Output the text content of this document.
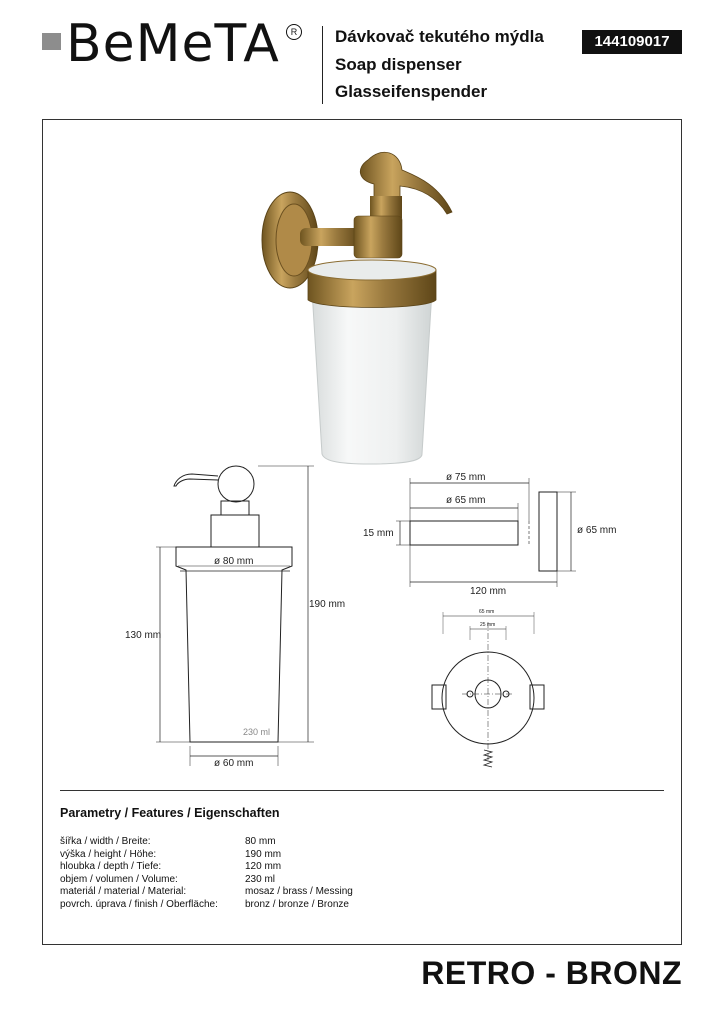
BeMeTA	R Dávkovač tekutého mýdla
Soap dispenser
Glasseifenspender
144109017
ø 80 mm
230 ml
ø 60 mm
130 mm
190 mm
ø 75 mm
ø 65 mm
15 mm	ø 65 mm
120 mm
65 mm
25 mm
Parametry / Features / Eigenschaften
šířka / width / Breite:	80 mm
výška / height / Höhe:	190 mm
hloubka / depth / Tiefe:	120 mm
objem / volumen / Volume:	230 ml
materiál / material / Material:	mosaz / brass / Messing
povrch. úprava / finish / Oberfläche:	bronz / bronze / Bronze
RETRO - BRONZ
